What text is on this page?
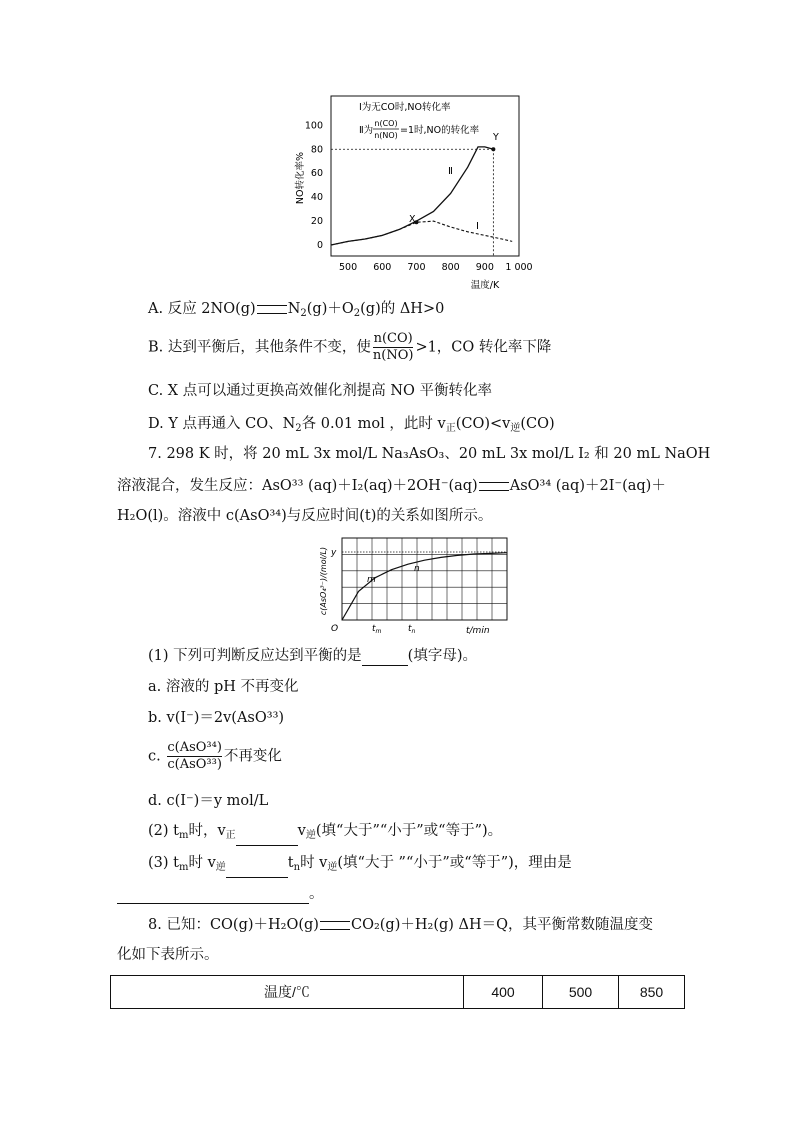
0
20
40
60
80
100
500 600 700 800 900 1 000
NO转化率%
温度/K
Ⅰ为无CO时,NO转化率
Ⅱ为
n(CO)
n(NO) =1时,NO的转化率
X
Y
Ⅱ
Ⅰ
A. 反应 2NO(g) $N_2(g)+O_2(g)$的 ΔH>0
B. 达到平衡后，其他条件不变，使 $\frac{n(CO)}{n(NO)} >1$，CO 转化率下降
C. X 点可以通过更换高效催化剂提高 NO 平衡转化率
D. Y 点再通入 CO、$N_2$各 0.01 mol ，此时 $v_正(CO)<v_逆(CO)$
7. 298 K 时，将 20 mL 3x mol/L Na₃AsO₃、20 mL 3x mol/L I₂ 和 20 mL NaOH
溶液混合，发生反应：AsO³³ (aq)＋I₂(aq)＋2OH⁻(aq) AsO³⁴ (aq)＋2I⁻(aq)＋
H₂O(l)。溶液中 c(AsO³⁴)与反应时间(t)的关系如图所示。
c(AsO₄³⁻)/(mol/L)
O
y
m
n
$t_m$	$t_n$	t/min
(1) 下列可判断反应达到平衡的是	(填字母)。
a. 溶液的 pH 不再变化
b. v(I⁻)＝2v(AsO³³)
c. $\frac{\text{c(AsO³⁴)}}{\text{c(AsO³³)}}$ 不再变化
d. c(I⁻)＝y mol/L
(2) $t_m$时，$v_正$	$v_逆$(填“大于”“小于”或“等于”)。
(3) $t_m$时 $v_逆$	$t_n$时 $v_逆$(填“大于 ”“小于”或“等于”)，理由是
。
8. 已知：CO(g)＋H₂O(g) CO₂(g)＋H₂(g) ΔH＝Q，其平衡常数随温度变
化如下表所示。
温度/℃	400	500	850
